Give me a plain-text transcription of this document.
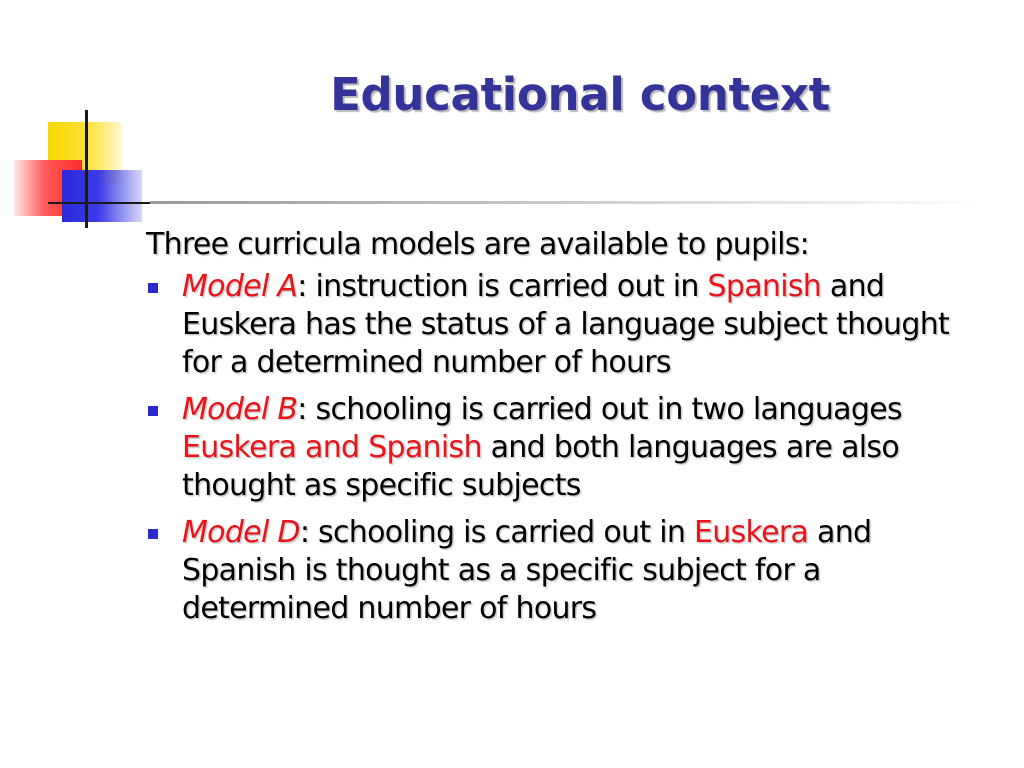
Educational context

Three curricula models are available to pupils:

Model A: instruction is carried out in Spanish and Euskera has the status of a language subject thought for a determined number of hours
Model B: schooling is carried out in two languages Euskera and Spanish and both languages are also thought as specific subjects
Model D: schooling is carried out in Euskera and Spanish is thought as a specific subject for a determined number of hours
